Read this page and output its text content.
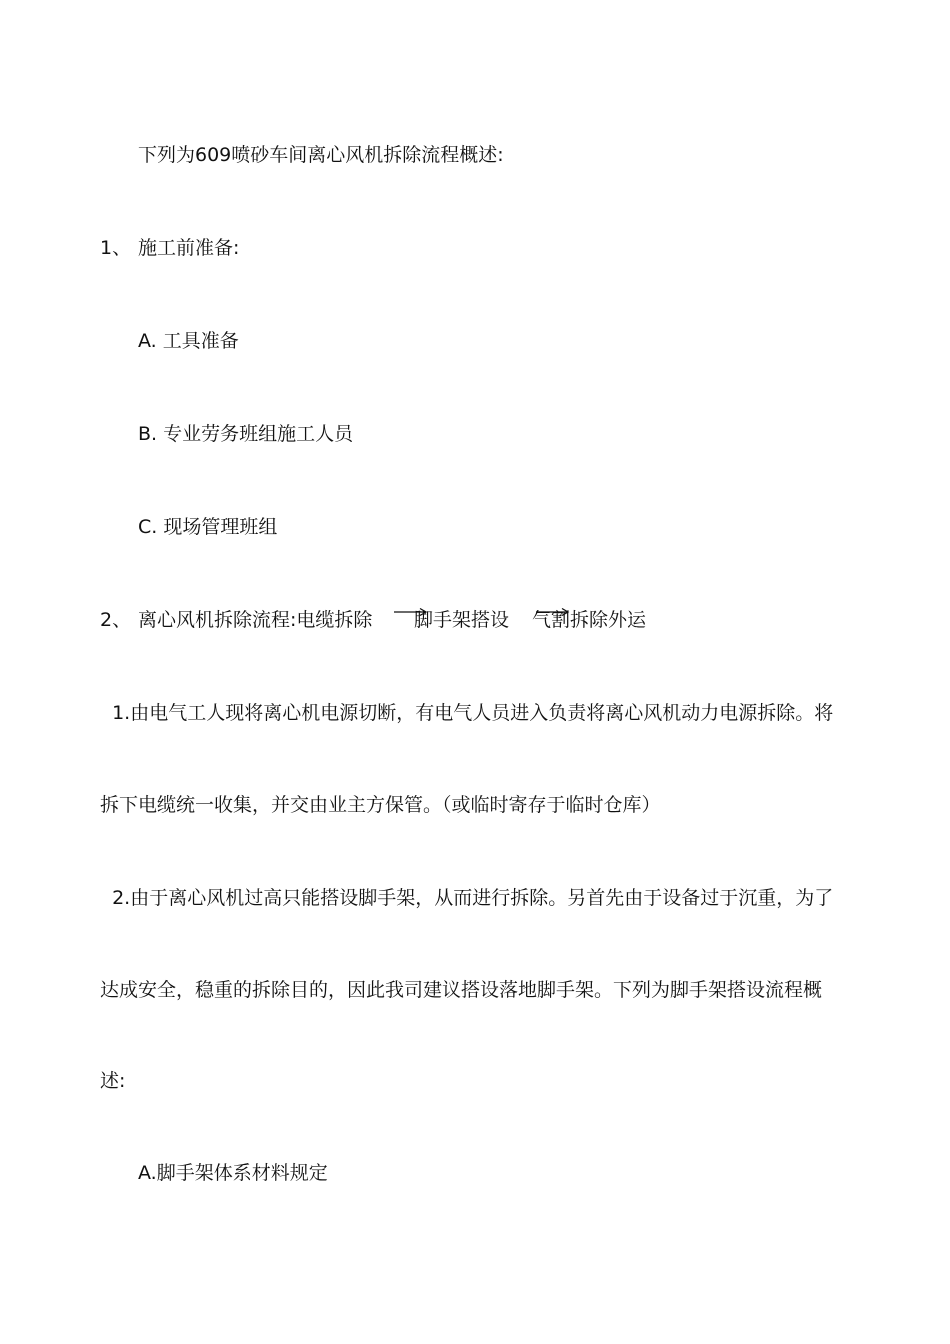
下列为609喷砂车间离心风机拆除流程概述:
1、 施工前准备:
A. 工具准备
B. 专业劳务班组施工人员
C. 现场管理班组
2、 离心风机拆除流程:电缆拆除 脚手架搭设 气割拆除外运
1.由电气工人现将离心机电源切断，有电气人员进入负责将离心风机动力电源拆除。将
拆下电缆统一收集，并交由业主方保管。（或临时寄存于临时仓库）
2.由于离心风机过高只能搭设脚手架，从而进行拆除。另首先由于设备过于沉重，为了
达成安全，稳重的拆除目的，因此我司建议搭设落地脚手架。下列为脚手架搭设流程概
述:
A.脚手架体系材料规定
